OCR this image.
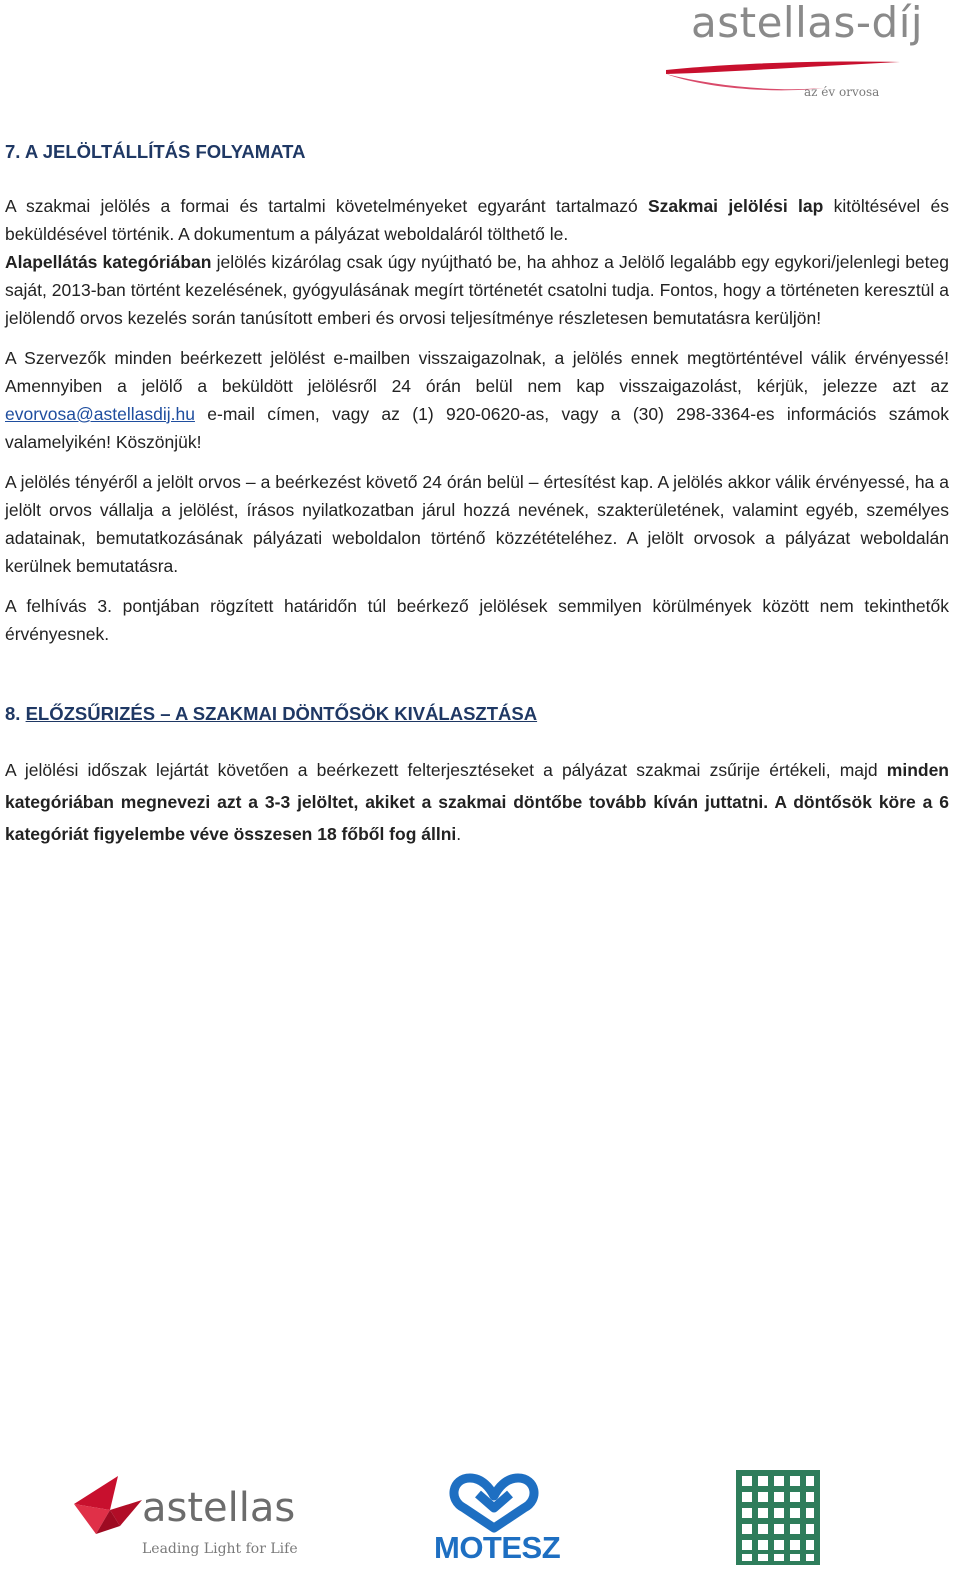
astellas-díj
az év orvosa
7. A JELÖLTÁLLÍTÁS FOLYAMATA

A szakmai jelölés a formai és tartalmi követelményeket egyaránt tartalmazó Szakmai jelölési lap kitöltésével és beküldésével történik. A dokumentum a pályázat weboldaláról tölthető le.

Alapellátás kategóriában jelölés kizárólag csak úgy nyújtható be, ha ahhoz a Jelölő legalább egy egykori/jelenlegi beteg saját, 2013-ban történt kezelésének, gyógyulásának megírt történetét csatolni tudja. Fontos, hogy a történeten keresztül a jelölendő orvos kezelés során tanúsított emberi és orvosi teljesítménye részletesen bemutatásra kerüljön!

A Szervezők minden beérkezett jelölést e-mailben visszaigazolnak, a jelölés ennek megtörténtével válik érvényessé! Amennyiben a jelölő a beküldött jelölésről 24 órán belül nem kap visszaigazolást, kérjük, jelezze azt az evorvosa@astellasdij.hu e-mail címen, vagy az (1) 920-0620-as, vagy a (30) 298-3364-es információs számok valamelyikén! Köszönjük!

A jelölés tényéről a jelölt orvos – a beérkezést követő 24 órán belül – értesítést kap. A jelölés akkor válik érvényessé, ha a jelölt orvos vállalja a jelölést, írásos nyilatkozatban járul hozzá nevének, szakterületének, valamint egyéb, személyes adatainak, bemutatkozásának pályázati weboldalon történő közzétételéhez. A jelölt orvosok a pályázat weboldalán kerülnek bemutatásra.

A felhívás 3. pontjában rögzített határidőn túl beérkező jelölések semmilyen körülmények között nem tekinthetők érvényesnek.

8. ELŐZSŰRIZÉS – A SZAKMAI DÖNTŐSÖK KIVÁLASZTÁSA

A jelölési időszak lejártát követően a beérkezett felterjesztéseket a pályázat szakmai zsűrije értékeli, majd minden kategóriában megnevezi azt a 3-3 jelöltet, akiket a szakmai döntőbe tovább kíván juttatni. A döntősök köre a 6 kategóriát figyelembe véve összesen 18 főből fog állni.

astellas
Leading Light for Life	MOTESZ
